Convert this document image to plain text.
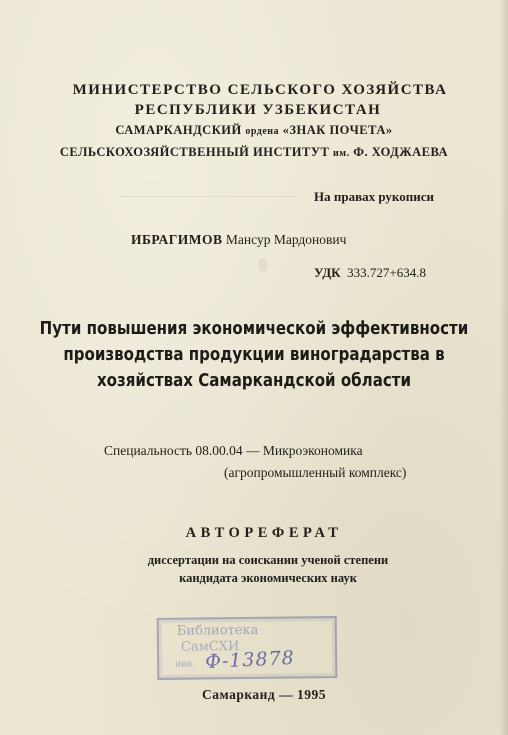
МИНИСТЕРСТВО СЕЛЬСКОГО ХОЗЯЙСТВА
РЕСПУБЛИКИ УЗБЕКИСТАН
САМАРКАНДСКИЙ ордена «ЗНАК ПОЧЕТА»
СЕЛЬСКОХОЗЯЙСТВЕННЫЙ ИНСТИТУТ им. Ф. ХОДЖАЕВА
На правах рукописи
ИБРАГИМОВ Мансур Мардонович
УДК 333.727+634.8
Пути повышения экономической эффективности
производства продукции виноградарства в
хозяйствах Самаркандской области
Специальность 08.00.04 — Микроэкономика
(агропромышленный комплекс)
АВТОРЕФЕРАТ
диссертации на соискании ученой степени
кандидата экономических наук
Библиотека
СамСХИ
инв. Ф-13878
Самарканд — 1995
